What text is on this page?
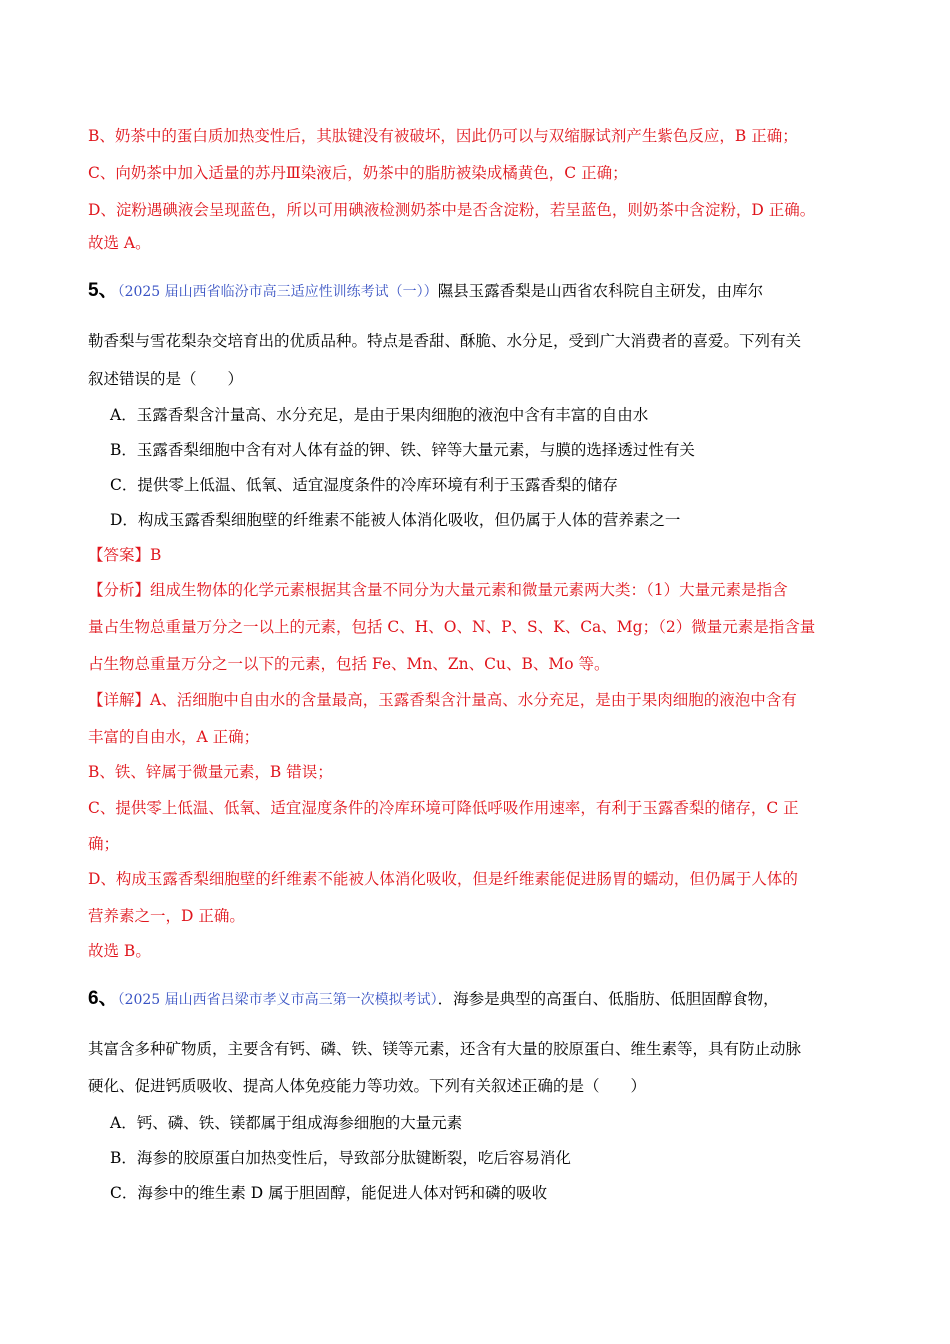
B、奶茶中的蛋白质加热变性后，其肽键没有被破坏，因此仍可以与双缩脲试剂产生紫色反应，B 正确；
C、向奶茶中加入适量的苏丹Ⅲ染液后，奶茶中的脂肪被染成橘黄色，C 正确；
D、淀粉遇碘液会呈现蓝色，所以可用碘液检测奶茶中是否含淀粉，若呈蓝色，则奶茶中含淀粉，D 正确。
故选 A。
5、（2025 届山西省临汾市高三适应性训练考试（一））隰县玉露香梨是山西省农科院自主研发，由库尔
勒香梨与雪花梨杂交培育出的优质品种。特点是香甜、酥脆、水分足，受到广大消费者的喜爱。下列有关
叙述错误的是（　　）
A．玉露香梨含汁量高、水分充足，是由于果肉细胞的液泡中含有丰富的自由水
B．玉露香梨细胞中含有对人体有益的钾、铁、锌等大量元素，与膜的选择透过性有关
C．提供零上低温、低氧、适宜湿度条件的冷库环境有利于玉露香梨的储存
D．构成玉露香梨细胞壁的纤维素不能被人体消化吸收，但仍属于人体的营养素之一
【答案】B
【分析】组成生物体的化学元素根据其含量不同分为大量元素和微量元素两大类：（1）大量元素是指含
量占生物总重量万分之一以上的元素，包括 C、H、O、N、P、S、K、Ca、Mg；（2）微量元素是指含量
占生物总重量万分之一以下的元素，包括 Fe、Mn、Zn、Cu、B、Mo 等。
【详解】A、活细胞中自由水的含量最高，玉露香梨含汁量高、水分充足，是由于果肉细胞的液泡中含有
丰富的自由水，A 正确；
B、铁、锌属于微量元素，B 错误；
C、提供零上低温、低氧、适宜湿度条件的冷库环境可降低呼吸作用速率，有利于玉露香梨的储存，C 正
确；
D、构成玉露香梨细胞壁的纤维素不能被人体消化吸收，但是纤维素能促进肠胃的蠕动，但仍属于人体的
营养素之一，D 正确。
故选 B。
6、（2025 届山西省吕梁市孝义市高三第一次模拟考试）．海参是典型的高蛋白、低脂肪、低胆固醇食物，
其富含多种矿物质，主要含有钙、磷、铁、镁等元素，还含有大量的胶原蛋白、维生素等，具有防止动脉
硬化、促进钙质吸收、提高人体免疫能力等功效。下列有关叙述正确的是（　　）
A．钙、磷、铁、镁都属于组成海参细胞的大量元素
B．海参的胶原蛋白加热变性后，导致部分肽键断裂，吃后容易消化
C．海参中的维生素 D 属于胆固醇，能促进人体对钙和磷的吸收
